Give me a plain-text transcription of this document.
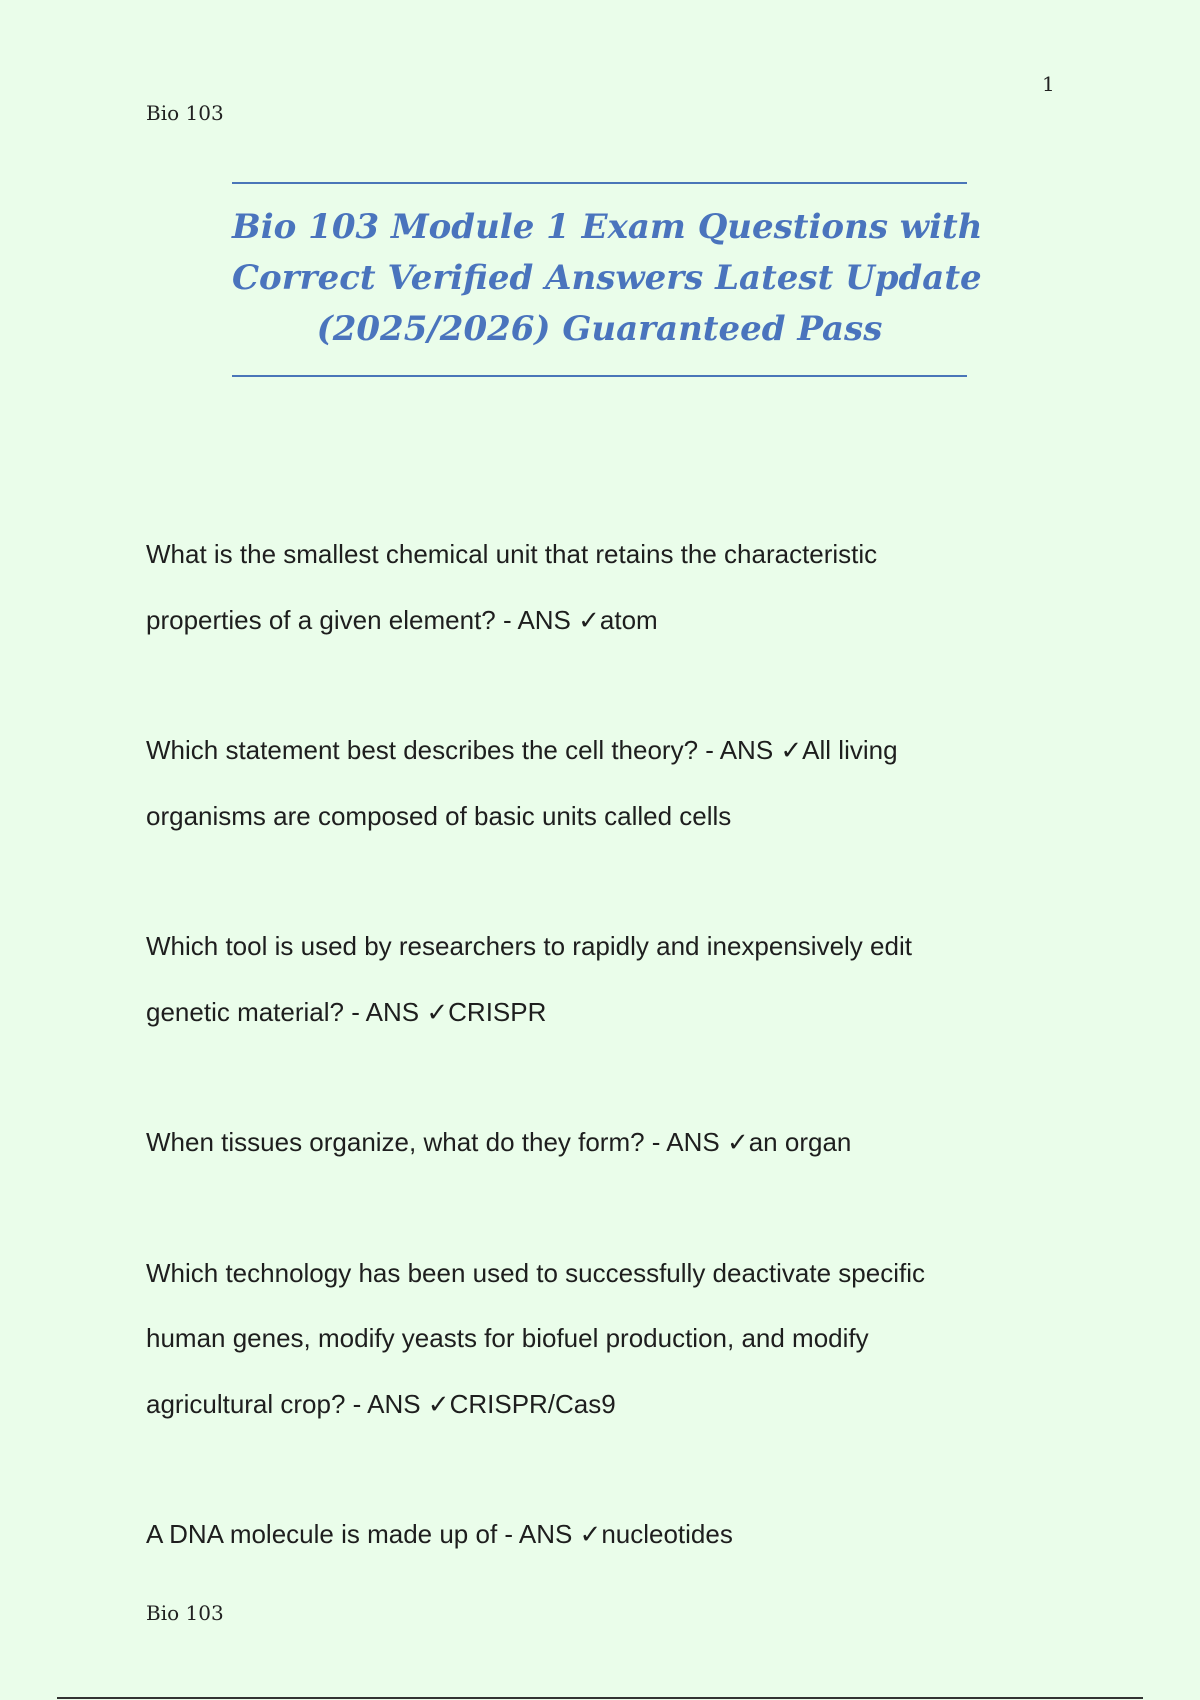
1
Bio 103
Bio 103 Module 1 Exam Questions with
Correct Verified Answers Latest Update
(2025/2026) Guaranteed Pass
What is the smallest chemical unit that retains the characteristic
properties of a given element? - ANS ✓atom
Which statement best describes the cell theory? - ANS ✓All living
organisms are composed of basic units called cells
Which tool is used by researchers to rapidly and inexpensively edit
genetic material? - ANS ✓CRISPR
When tissues organize, what do they form? - ANS ✓an organ
Which technology has been used to successfully deactivate specific
human genes, modify yeasts for biofuel production, and modify
agricultural crop? - ANS ✓CRISPR/Cas9
A DNA molecule is made up of - ANS ✓nucleotides
Bio 103
